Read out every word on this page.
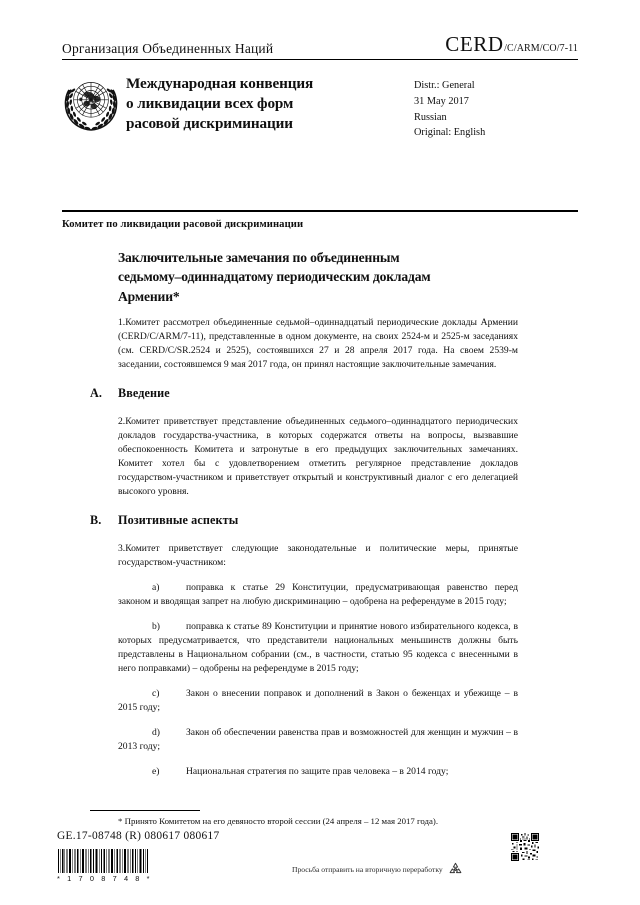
Организация Объединенных Наций	CERD /C/ARM/CO/7-11
Международная конвенция
о ликвидации всех форм
расовой дискриминации
Distr.: General
31 May 2017
Russian
Original: English
Комитет по ликвидации расовой дискриминации
Заключительные замечания по объединенным
седьмому–одиннадцатому периодическим докладам
Армении*

1.Комитет рассмотрел объединенные седьмой–одиннадцатый периодические доклады Армении (CERD/C/ARM/7-11), представленные в одном документе, на своих 2524-м и 2525-м заседаниях (см. CERD/C/SR.2524 и 2525), состоявшихся 27 и 28 апреля 2017 года. На своем 2539-м заседании, состоявшемся 9 мая 2017 года, он принял настоящие заключительные замечания.

A. Введение

2.Комитет приветствует представление объединенных седьмого–одиннадцатого периодических докладов государства-участника, в которых содержатся ответы на вопросы, вызвавшие обеспокоенность Комитета и затронутые в его предыдущих заключительных замечаниях. Комитет хотел бы с удовлетворением отметить регулярное представление докладов государством-участником и приветствует открытый и конструктивный диалог с его делегацией высокого уровня.

B. Позитивные аспекты

3.Комитет приветствует следующие законодательные и политические меры, принятые государством-участником:

a)	поправка к статье 29 Конституции, предусматривающая равенство перед законом и вводящая запрет на любую дискриминацию – одобрена на референдуме в 2015 году;

b)	поправка к статье 89 Конституции и принятие нового избирательного кодекса, в которых предусматривается, что представители национальных меньшинств должны быть представлены в Национальном собрании (см., в частности, статью 95 кодекса с внесенными в него поправками) – одобрены на референдуме в 2015 году;

c)	Закон о внесении поправок и дополнений в Закон о беженцах и убежище – в 2015 году;

d)	Закон об обеспечении равенства прав и возможностей для женщин и мужчин – в 2013 году;

e)	Национальная стратегия по защите прав человека – в 2014 году;

* Принято Комитетом на его девяносто второй сессии (24 апреля – 12 мая 2017 года).
GE.17-08748 (R) 080617 080617
* 1 7 0 8 7 4 8 *
Просьба отправить на вторичную переработку
